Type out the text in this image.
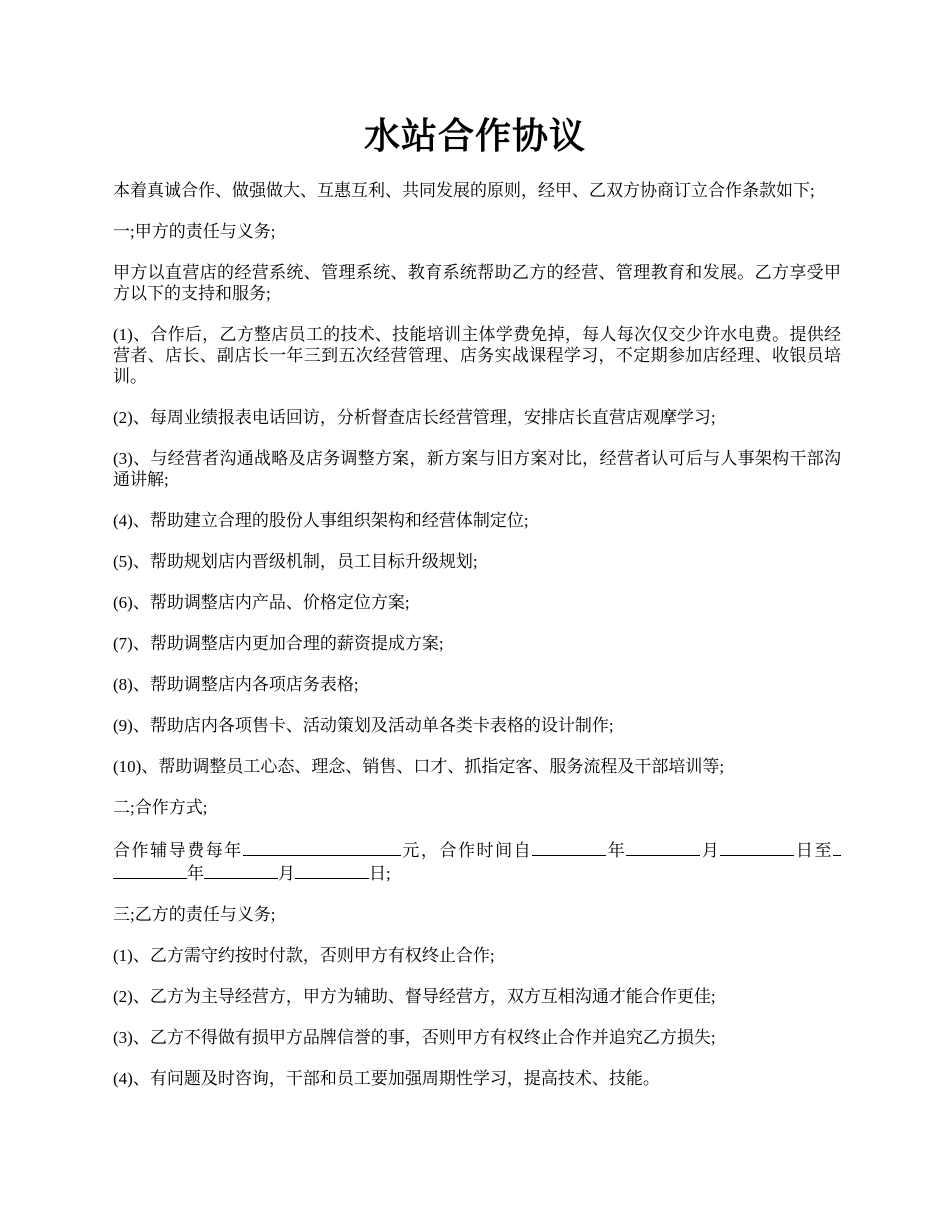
水站合作协议

本着真诚合作、做强做大、互惠互利、共同发展的原则，经甲、乙双方协商订立合作条款如下;

一;甲方的责任与义务;

甲方以直营店的经营系统、管理系统、教育系统帮助乙方的经营、管理教育和发展。乙方享受甲方以下的支持和服务;

(1)、合作后，乙方整店员工的技术、技能培训主体学费免掉，每人每次仅交少许水电费。提供经营者、店长、副店长一年三到五次经营管理、店务实战课程学习，不定期参加店经理、收银员培训。

(2)、每周业绩报表电话回访，分析督查店长经营管理，安排店长直营店观摩学习;

(3)、与经营者沟通战略及店务调整方案，新方案与旧方案对比，经营者认可后与人事架构干部沟通讲解;

(4)、帮助建立合理的股份人事组织架构和经营体制定位;

(5)、帮助规划店内晋级机制，员工目标升级规划;

(6)、帮助调整店内产品、价格定位方案;

(7)、帮助调整店内更加合理的薪资提成方案;

(8)、帮助调整店内各项店务表格;

(9)、帮助店内各项售卡、活动策划及活动单各类卡表格的设计制作;

(10)、帮助调整员工心态、理念、销售、口才、抓指定客、服务流程及干部培训等;

二;合作方式;

合作辅导费每年	元，合作时间自	年	月	日至年	月	日;

三;乙方的责任与义务;

(1)、乙方需守约按时付款，否则甲方有权终止合作;

(2)、乙方为主导经营方，甲方为辅助、督导经营方，双方互相沟通才能合作更佳;

(3)、乙方不得做有损甲方品牌信誉的事，否则甲方有权终止合作并追究乙方损失;

(4)、有问题及时咨询，干部和员工要加强周期性学习，提高技术、技能。
